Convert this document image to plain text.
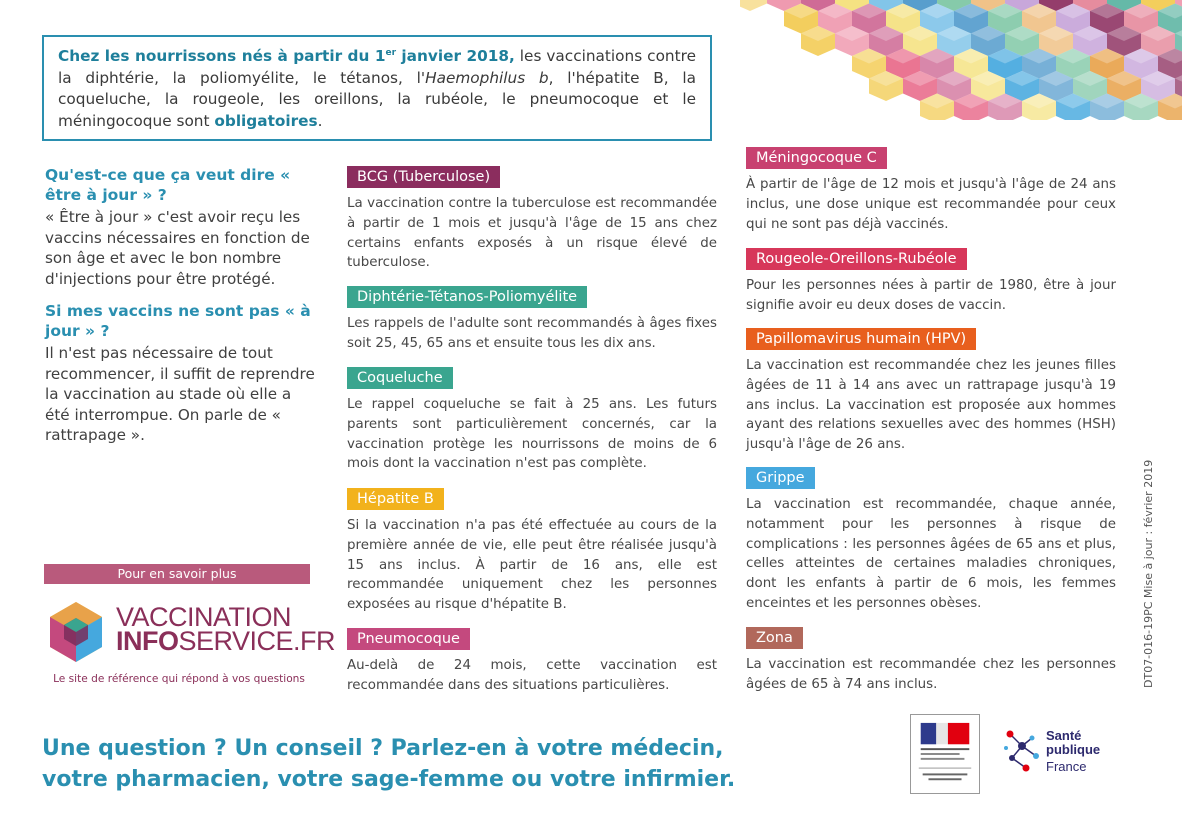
Chez les nourrissons nés à partir du 1er janvier 2018, les vaccinations contre la diphtérie, la poliomyélite, le tétanos, l'Haemophilus b, l'hépatite B, la coqueluche, la rougeole, les oreillons, la rubéole, le pneumocoque et le méningocoque sont obligatoires.
Qu'est-ce que ça veut dire « être à jour » ?
« Être à jour » c'est avoir reçu les vaccins nécessaires en fonction de son âge et avec le bon nombre d'injections pour être protégé.
Si mes vaccins ne sont pas « à jour » ?
Il n'est pas nécessaire de tout recommencer, il suffit de reprendre la vaccination au stade où elle a été interrompue. On parle de « rattrapage ».
Pour en savoir plus
VACCINATION
INFOSERVICE.FR
Le site de référence qui répond à vos questions
BCG (Tuberculose)
La vaccination contre la tuberculose est recommandée à partir de 1 mois et jusqu'à l'âge de 15 ans chez certains enfants exposés à un risque élevé de tuberculose.
Diphtérie-Tétanos-Poliomyélite
Les rappels de l'adulte sont recommandés à âges fixes soit 25, 45, 65 ans et ensuite tous les dix ans.
Coqueluche
Le rappel coqueluche se fait à 25 ans. Les futurs parents sont particulièrement concernés, car la vaccination protège les nourrissons de moins de 6 mois dont la vaccination n'est pas complète.
Hépatite B
Si la vaccination n'a pas été effectuée au cours de la première année de vie, elle peut être réalisée jusqu'à 15 ans inclus. À partir de 16 ans, elle est recommandée uniquement chez les personnes exposées au risque d'hépatite B.
Pneumocoque
Au-delà de 24 mois, cette vaccination est recommandée dans des situations particulières.
Méningocoque C
À partir de l'âge de 12 mois et jusqu'à l'âge de 24 ans inclus, une dose unique est recommandée pour ceux qui ne sont pas déjà vaccinés.
Rougeole-Oreillons-Rubéole
Pour les personnes nées à partir de 1980, être à jour signifie avoir eu deux doses de vaccin.
Papillomavirus humain (HPV)
La vaccination est recommandée chez les jeunes filles âgées de 11 à 14 ans avec un rattrapage jusqu'à 19 ans inclus. La vaccination est proposée aux hommes ayant des relations sexuelles avec des hommes (HSH) jusqu'à l'âge de 26 ans.
Grippe
La vaccination est recommandée, chaque année, notamment pour les personnes à risque de complications : les personnes âgées de 65 ans et plus, celles atteintes de certaines maladies chroniques, dont les enfants à partir de 6 mois, les femmes enceintes et les personnes obèses.
Zona
La vaccination est recommandée chez les personnes âgées de 65 à 74 ans inclus.
Une question ? Un conseil ? Parlez-en à votre médecin,
votre pharmacien, votre sage-femme ou votre infirmier.
DT07-016-19PC Mise à jour : février 2019
Santé
publique
France
